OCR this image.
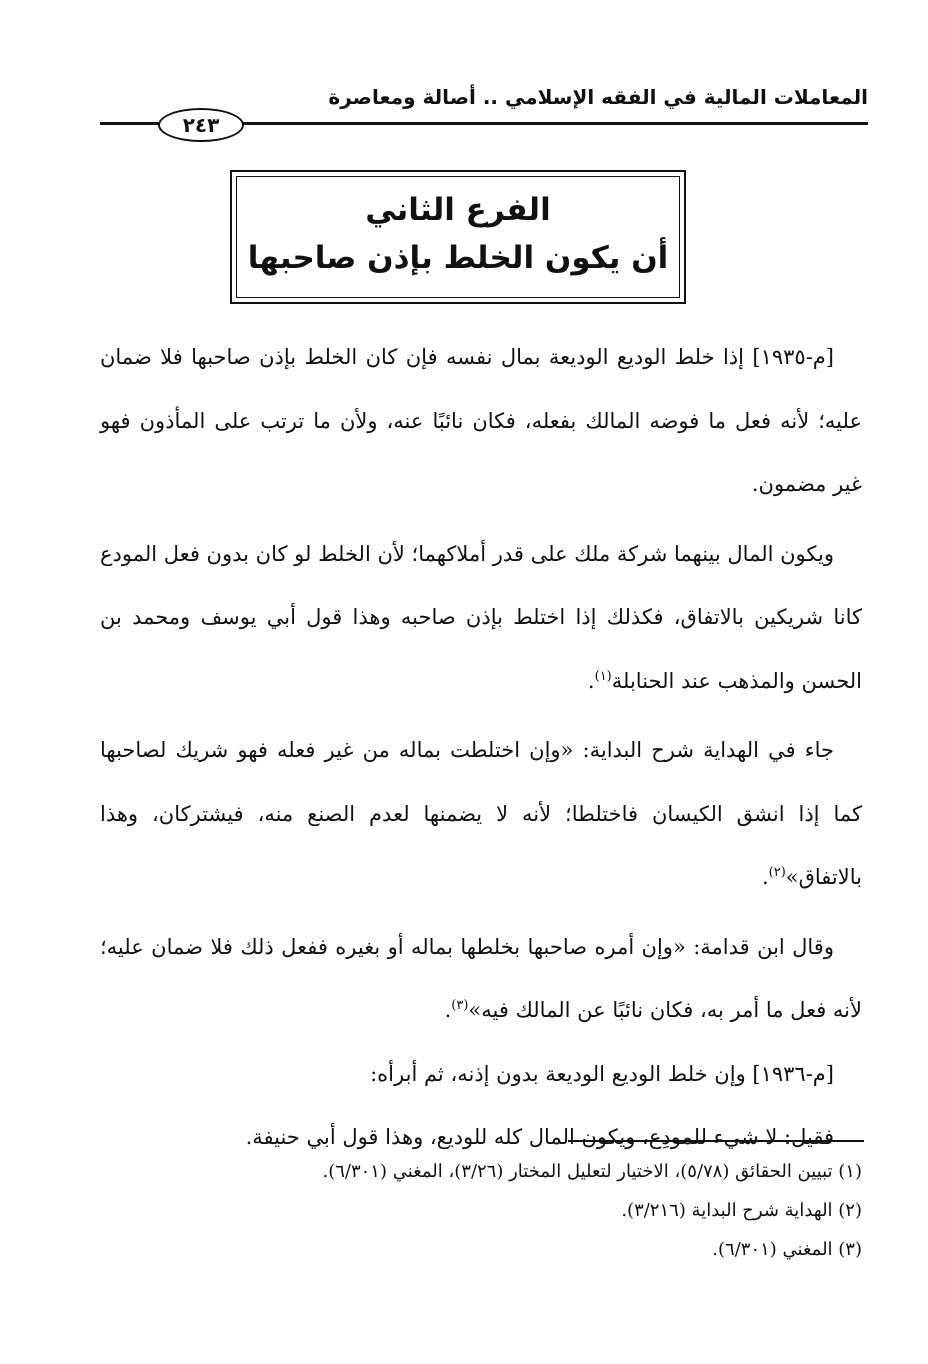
المعاملات المالية في الفقه الإسلامي .. أصالة ومعاصرة
٢٤٣
الفرع الثاني
أن يكون الخلط بإذن صاحبها

[م-١٩٣٥] إذا خلط الوديع الوديعة بمال نفسه فإن كان الخلط بإذن صاحبها فلا ضمان عليه؛ لأنه فعل ما فوضه المالك بفعله، فكان نائبًا عنه، ولأن ما ترتب على المأذون فهو غير مضمون.

ويكون المال بينهما شركة ملك على قدر أملاكهما؛ لأن الخلط لو كان بدون فعل المودع كانا شريكين بالاتفاق، فكذلك إذا اختلط بإذن صاحبه وهذا قول أبي يوسف ومحمد بن الحسن والمذهب عند الحنابلة$^{(١)}$.

جاء في الهداية شرح البداية: «وإن اختلطت بماله من غير فعله فهو شريك لصاحبها كما إذا انشق الكيسان فاختلطا؛ لأنه لا يضمنها لعدم الصنع منه، فيشتركان، وهذا بالاتفاق»$^{(٢)}$.

وقال ابن قدامة: «وإن أمره صاحبها بخلطها بماله أو بغيره ففعل ذلك فلا ضمان عليه؛ لأنه فعل ما أمر به، فكان نائبًا عن المالك فيه»$^{(٣)}$.

[م-١٩٣٦] وإن خلط الوديع الوديعة بدون إذنه، ثم أبرأه:

فقيل: لا شيء للمودِع، ويكون المال كله للوديع، وهذا قول أبي حنيفة.

(١) تبيين الحقائق (٥/٧٨)، الاختيار لتعليل المختار (٣/٢٦)، المغني (٦/٣٠١).

(٢) الهداية شرح البداية (٣/٢١٦).

(٣) المغني (٦/٣٠١).
